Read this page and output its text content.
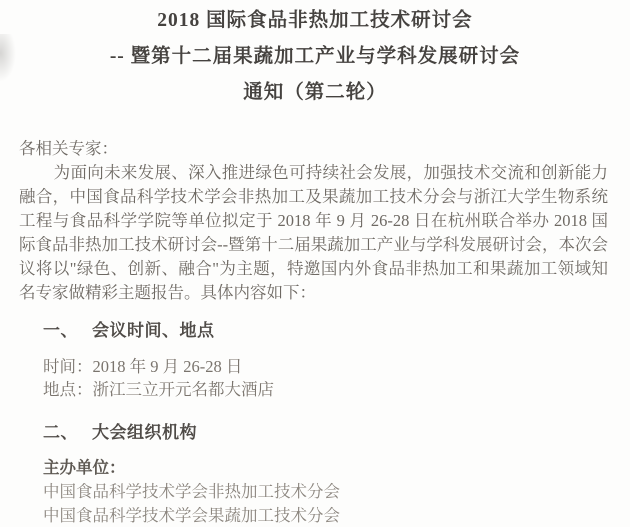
2018 国际食品非热加工技术研讨会
-- 暨第十二届果蔬加工产业与学科发展研讨会
通知（第二轮）

各相关专家：

为面向未来发展、深入推进绿色可持续社会发展，加强技术交流和创新能力融合，中国食品科学技术学会非热加工及果蔬加工技术分会与浙江大学生物系统工程与食品科学学院等单位拟定于 2018 年 9 月 26-28 日在杭州联合举办 2018 国际食品非热加工技术研讨会--暨第十二届果蔬加工产业与学科发展研讨会，本次会议将以"绿色、创新、融合"为主题，特邀国内外食品非热加工和果蔬加工领域知名专家做精彩主题报告。具体内容如下：

一、 会议时间、地点

时间：2018 年 9 月 26-28 日

地点：浙江三立开元名都大酒店

二、 大会组织机构

主办单位：

中国食品科学技术学会非热加工技术分会

中国食品科学技术学会果蔬加工技术分会
